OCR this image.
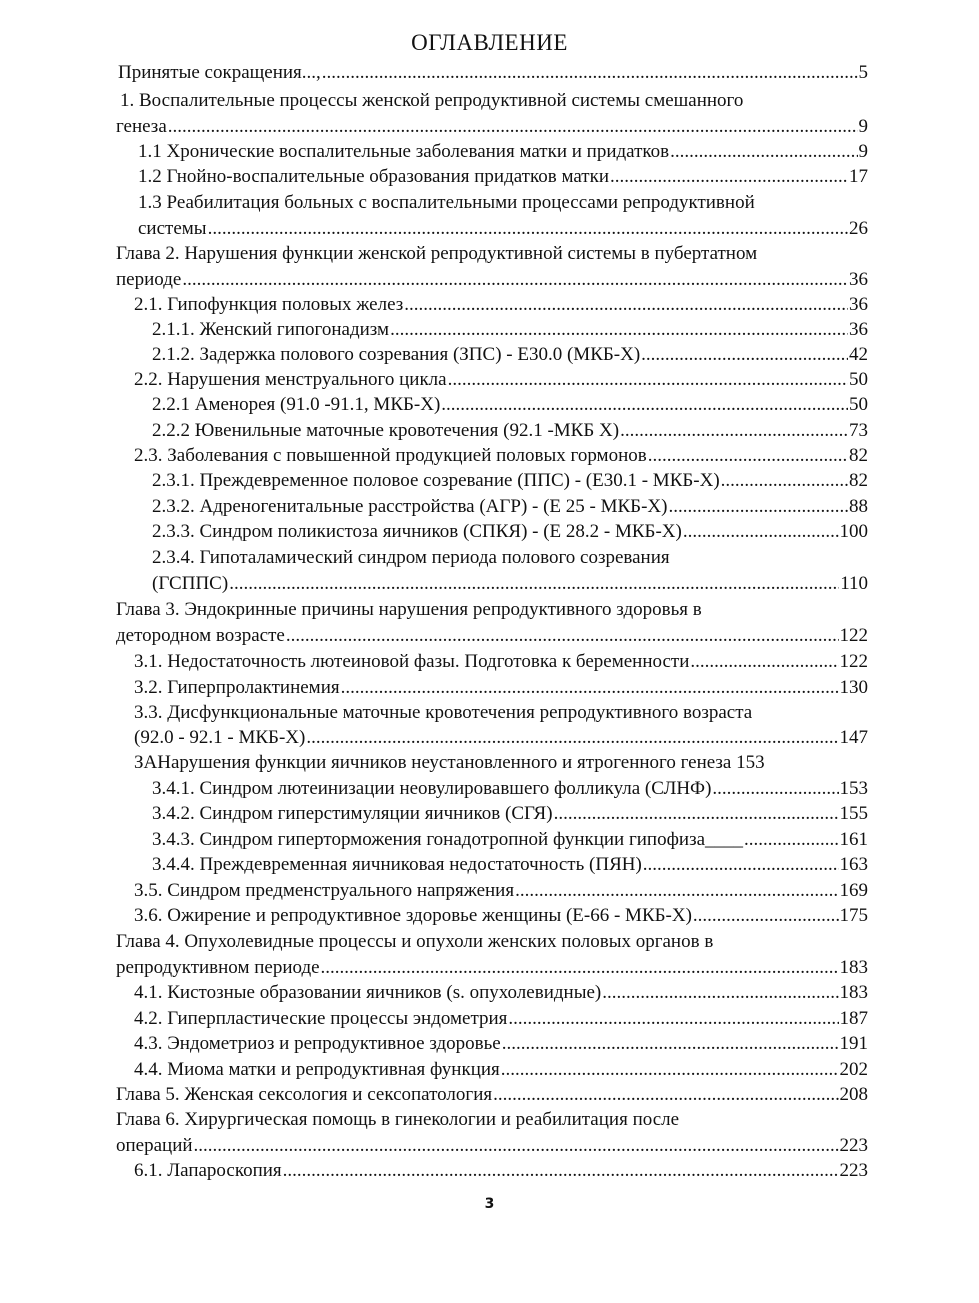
ОГЛАВЛЕНИЕ
Принятые сокращения..., .....	5
1. Воспалительные процессы женской репродуктивной системы смешанного
генеза .....	9
1.1 Хронические воспалительные заболевания матки и придатков .....	9
1.2 Гнойно-воспалительные образования придатков матки .....	17
1.3 Реабилитация больных с воспалительными процессами репродуктивной
системы .....	26
Глава 2. Нарушения функции женской репродуктивной системы в пубертатном
периоде .....	36
2.1. Гипофункция половых желез .....	36
2.1.1. Женский гипогонадизм .....	36
2.1.2. Задержка полового созревания (ЗПС) - Е30.0 (МКБ-Х) .....	42
2.2. Нарушения менструального цикла .....	50
2.2.1 Аменорея (91.0 -91.1, МКБ-Х) .....	50
2.2.2 Ювенильные маточные кровотечения (92.1 -МКБ Х) .....	73
2.3. Заболевания с повышенной продукцией половых гормонов .....	82
2.3.1. Преждевременное половое созревание (ППС) - (Е30.1 - МКБ-Х) .....	82
2.3.2. Адреногенитальные расстройства (АГР) - (Е 25 - МКБ-Х) .....	88
2.3.3. Синдром поликистоза яичников (СПКЯ) - (Е 28.2 - МКБ-Х) .....	100
2.3.4. Гипоталамический синдром периода полового созревания
(ГСППС) .....	110
Глава 3. Эндокринные причины нарушения репродуктивного здоровья в
детородном возрасте .....	122
3.1. Недостаточность лютеиновой фазы. Подготовка к беременности .....	122
3.2. Гиперпролактинемия .....	130
3.3. Дисфункциональные маточные кровотечения репродуктивного возраста
(92.0 - 92.1 - МКБ-Х) .....	147
ЗАНарушения функции яичников неустановленного и ятрогенного генеза 153
3.4.1. Синдром лютеинизации неовулировавшего фолликула (СЛНФ) .....	153
3.4.2. Синдром гиперстимуляции яичников (СГЯ) .....	155
3.4.3. Синдром гиперторможения гонадотропной функции гипофиза____ .....	161
3.4.4. Преждевременная яичниковая недостаточность (ПЯН) .....	163
3.5. Синдром предменструального напряжения .....	169
3.6. Ожирение и репродуктивное здоровье женщины (Е-66 - МКБ-Х) .....	175
Глава 4. Опухолевидные процессы и опухоли женских половых органов в
репродуктивном периоде .....	183
4.1. Кистозные образовании яичников (s. опухолевидные) .....	183
4.2. Гиперпластические процессы эндометрия .....	187
4.3. Эндометриоз и репродуктивное здоровье .....	191
4.4. Миома матки и репродуктивная функция .....	202
Глава 5. Женская сексология и сексопатология .....	208
Глава 6. Хирургическая помощь в гинекологии и реабилитация после
операций .....	223
6.1. Лапароскопия .....	223
3
